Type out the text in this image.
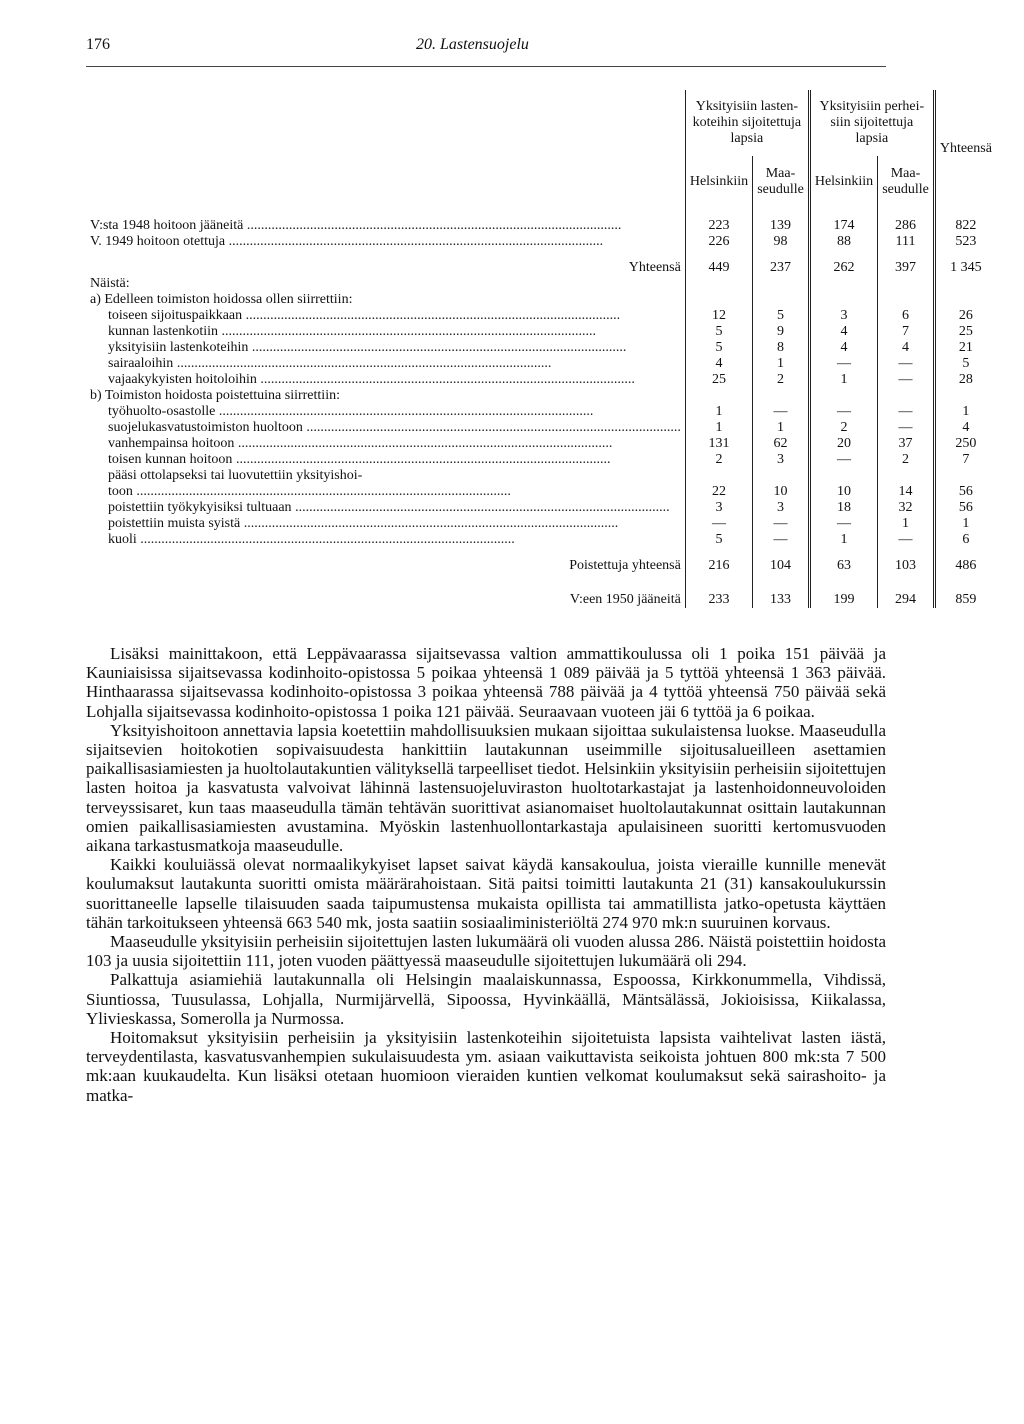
176	20. Lastensuojelu
	Yksityisiin lasten-koteihin sijoitettuja lapsia		Yksityisiin perhei-siin sijoitettuja lapsia		Yhteensä
	Helsinkiin	Maa-seudulle	Helsinkiin	Maa-seudulle	

V:sta 1948 hoitoon jääneitä .....	223	139	174	286	822
V. 1949 hoitoon otettuja .....	226	98	88	111	523

Yhteensä	449	237	262	397	1 345
Näistä:					
a) Edelleen toimiston hoidossa ollen siirrettiin:					
toiseen sijoituspaikkaan .....	12	5	3	6	26
kunnan lastenkotiin .....	5	9	4	7	25
yksityisiin lastenkoteihin .....	5	8	4	4	21
sairaaloihin .....	4	1	—	—	5
vajaakykyisten hoitoloihin .....	25	2	1	—	28
b) Toimiston hoidosta poistettuina siirrettiin:					
työhuolto-osastolle .....	1	—	—	—	1
suojelukasvatustoimiston huoltoon .....	1	1	2	—	4
vanhempainsa hoitoon .....	131	62	20	37	250
toisen kunnan hoitoon .....	2	3	—	2	7
pääsi ottolapseksi tai luovutettiin yksityishoi-					
toon .....	22	10	10	14	56
poistettiin työkykyisiksi tultuaan .....	3	3	18	32	56
poistettiin muista syistä .....	—	—	—	1	1
kuoli .....	5	—	1	—	6

Poistettuja yhteensä	216	104	63	103	486

V:een 1950 jääneitä	233	133	199	294	859

Lisäksi mainittakoon, että Leppävaarassa sijaitsevassa valtion ammattikoulussa oli 1 poika 151 päivää ja Kauniaisissa sijaitsevassa kodinhoito-opistossa 5 poikaa yhteensä 1 089 päivää ja 5 tyttöä yhteensä 1 363 päivää. Hinthaarassa sijaitsevassa kodinhoito-opistossa 3 poikaa yhteensä 788 päivää ja 4 tyttöä yhteensä 750 päivää sekä Lohjalla sijaitsevassa kodinhoito-opistossa 1 poika 121 päivää. Seuraavaan vuoteen jäi 6 tyttöä ja 6 poikaa.

Yksityishoitoon annettavia lapsia koetettiin mahdollisuuksien mukaan sijoittaa sukulaistensa luokse. Maaseudulla sijaitsevien hoitokotien sopivaisuudesta hankittiin lautakunnan useimmille sijoitusalueilleen asettamien paikallisasiamiesten ja huoltolautakuntien välityksellä tarpeelliset tiedot. Helsinkiin yksityisiin perheisiin sijoitettujen lasten hoitoa ja kasvatusta valvoivat lähinnä lastensuojeluviraston huoltotarkastajat ja lastenhoidonneuvoloiden terveyssisaret, kun taas maaseudulla tämän tehtävän suorittivat asianomaiset huoltolautakunnat osittain lautakunnan omien paikallisasiamiesten avustamina. Myöskin lastenhuollontarkastaja apulaisineen suoritti kertomusvuoden aikana tarkastusmatkoja maaseudulle.

Kaikki kouluiässä olevat normaalikykyiset lapset saivat käydä kansakoulua, joista vieraille kunnille menevät koulumaksut lautakunta suoritti omista määrärahoistaan. Sitä paitsi toimitti lautakunta 21 (31) kansakoulukurssin suorittaneelle lapselle tilaisuuden saada taipumustensa mukaista opillista tai ammatillista jatko-opetusta käyttäen tähän tarkoitukseen yhteensä 663 540 mk, josta saatiin sosiaaliministeriöltä 274 970 mk:n suuruinen korvaus.

Maaseudulle yksityisiin perheisiin sijoitettujen lasten lukumäärä oli vuoden alussa 286. Näistä poistettiin hoidosta 103 ja uusia sijoitettiin 111, joten vuoden päättyessä maaseudulle sijoitettujen lukumäärä oli 294.

Palkattuja asiamiehiä lautakunnalla oli Helsingin maalaiskunnassa, Espoossa, Kirkkonummella, Vihdissä, Siuntiossa, Tuusulassa, Lohjalla, Nurmijärvellä, Sipoossa, Hyvinkäällä, Mäntsälässä, Jokioisissa, Kiikalassa, Ylivieskassa, Somerolla ja Nurmossa.

Hoitomaksut yksityisiin perheisiin ja yksityisiin lastenkoteihin sijoitetuista lapsista vaihtelivat lasten iästä, terveydentilasta, kasvatusvanhempien sukulaisuudesta ym. asiaan vaikuttavista seikoista johtuen 800 mk:sta 7 500 mk:aan kuukaudelta. Kun lisäksi otetaan huomioon vieraiden kuntien velkomat koulumaksut sekä sairashoito- ja matka-
